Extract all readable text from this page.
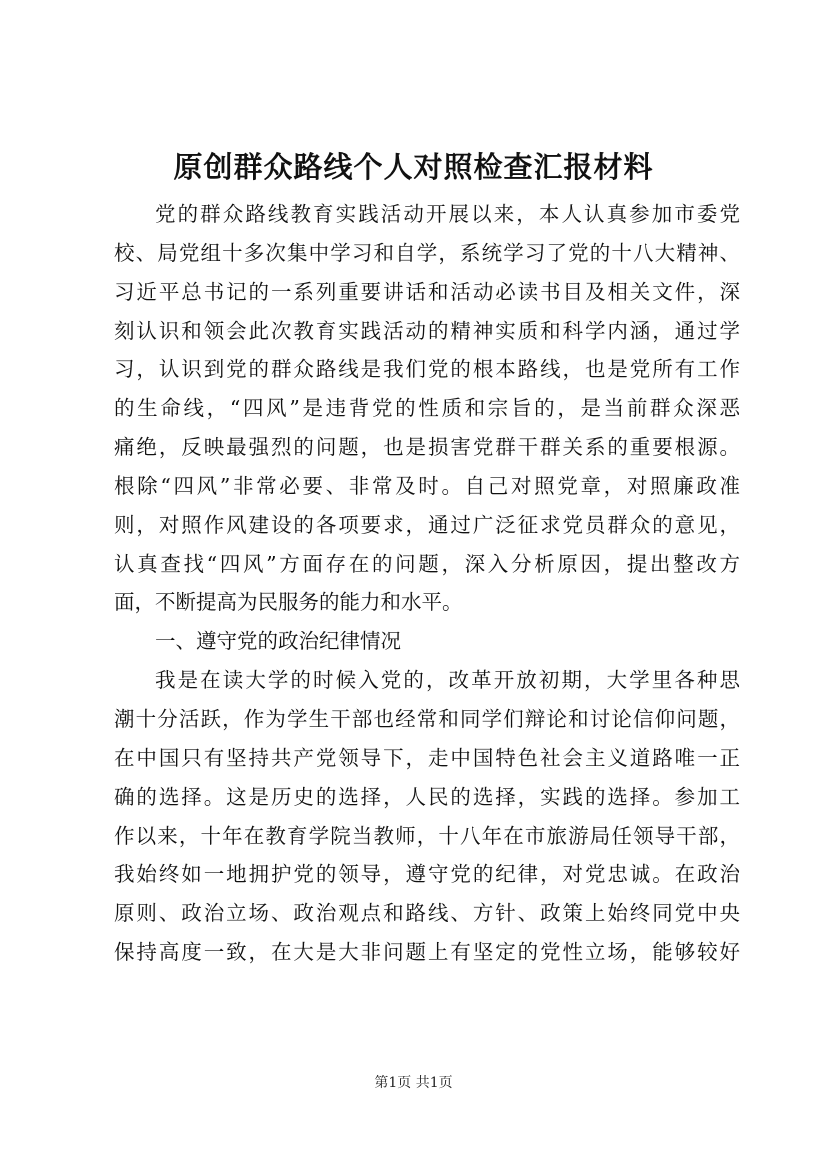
原创群众路线个人对照检查汇报材料
党的群众路线教育实践活动开展以来，本人认真参加市委党
校、局党组十多次集中学习和自学，系统学习了党的十八大精神、
习近平总书记的一系列重要讲话和活动必读书目及相关文件，深
刻认识和领会此次教育实践活动的精神实质和科学内涵，通过学
习，认识到党的群众路线是我们党的根本路线，也是党所有工作
的生命线，“四风”是违背党的性质和宗旨的，是当前群众深恶
痛绝，反映最强烈的问题，也是损害党群干群关系的重要根源。
根除“四风”非常必要、非常及时。自己对照党章，对照廉政准
则，对照作风建设的各项要求，通过广泛征求党员群众的意见，
认真查找“四风”方面存在的问题，深入分析原因，提出整改方
面，不断提高为民服务的能力和水平。
一、遵守党的政治纪律情况
我是在读大学的时候入党的，改革开放初期，大学里各种思
潮十分活跃，作为学生干部也经常和同学们辩论和讨论信仰问题，
在中国只有坚持共产党领导下，走中国特色社会主义道路唯一正
确的选择。这是历史的选择，人民的选择，实践的选择。参加工
作以来，十年在教育学院当教师，十八年在市旅游局任领导干部，
我始终如一地拥护党的领导，遵守党的纪律，对党忠诚。在政治
原则、政治立场、政治观点和路线、方针、政策上始终同党中央
保持高度一致，在大是大非问题上有坚定的党性立场，能够较好
第1页 共1页
